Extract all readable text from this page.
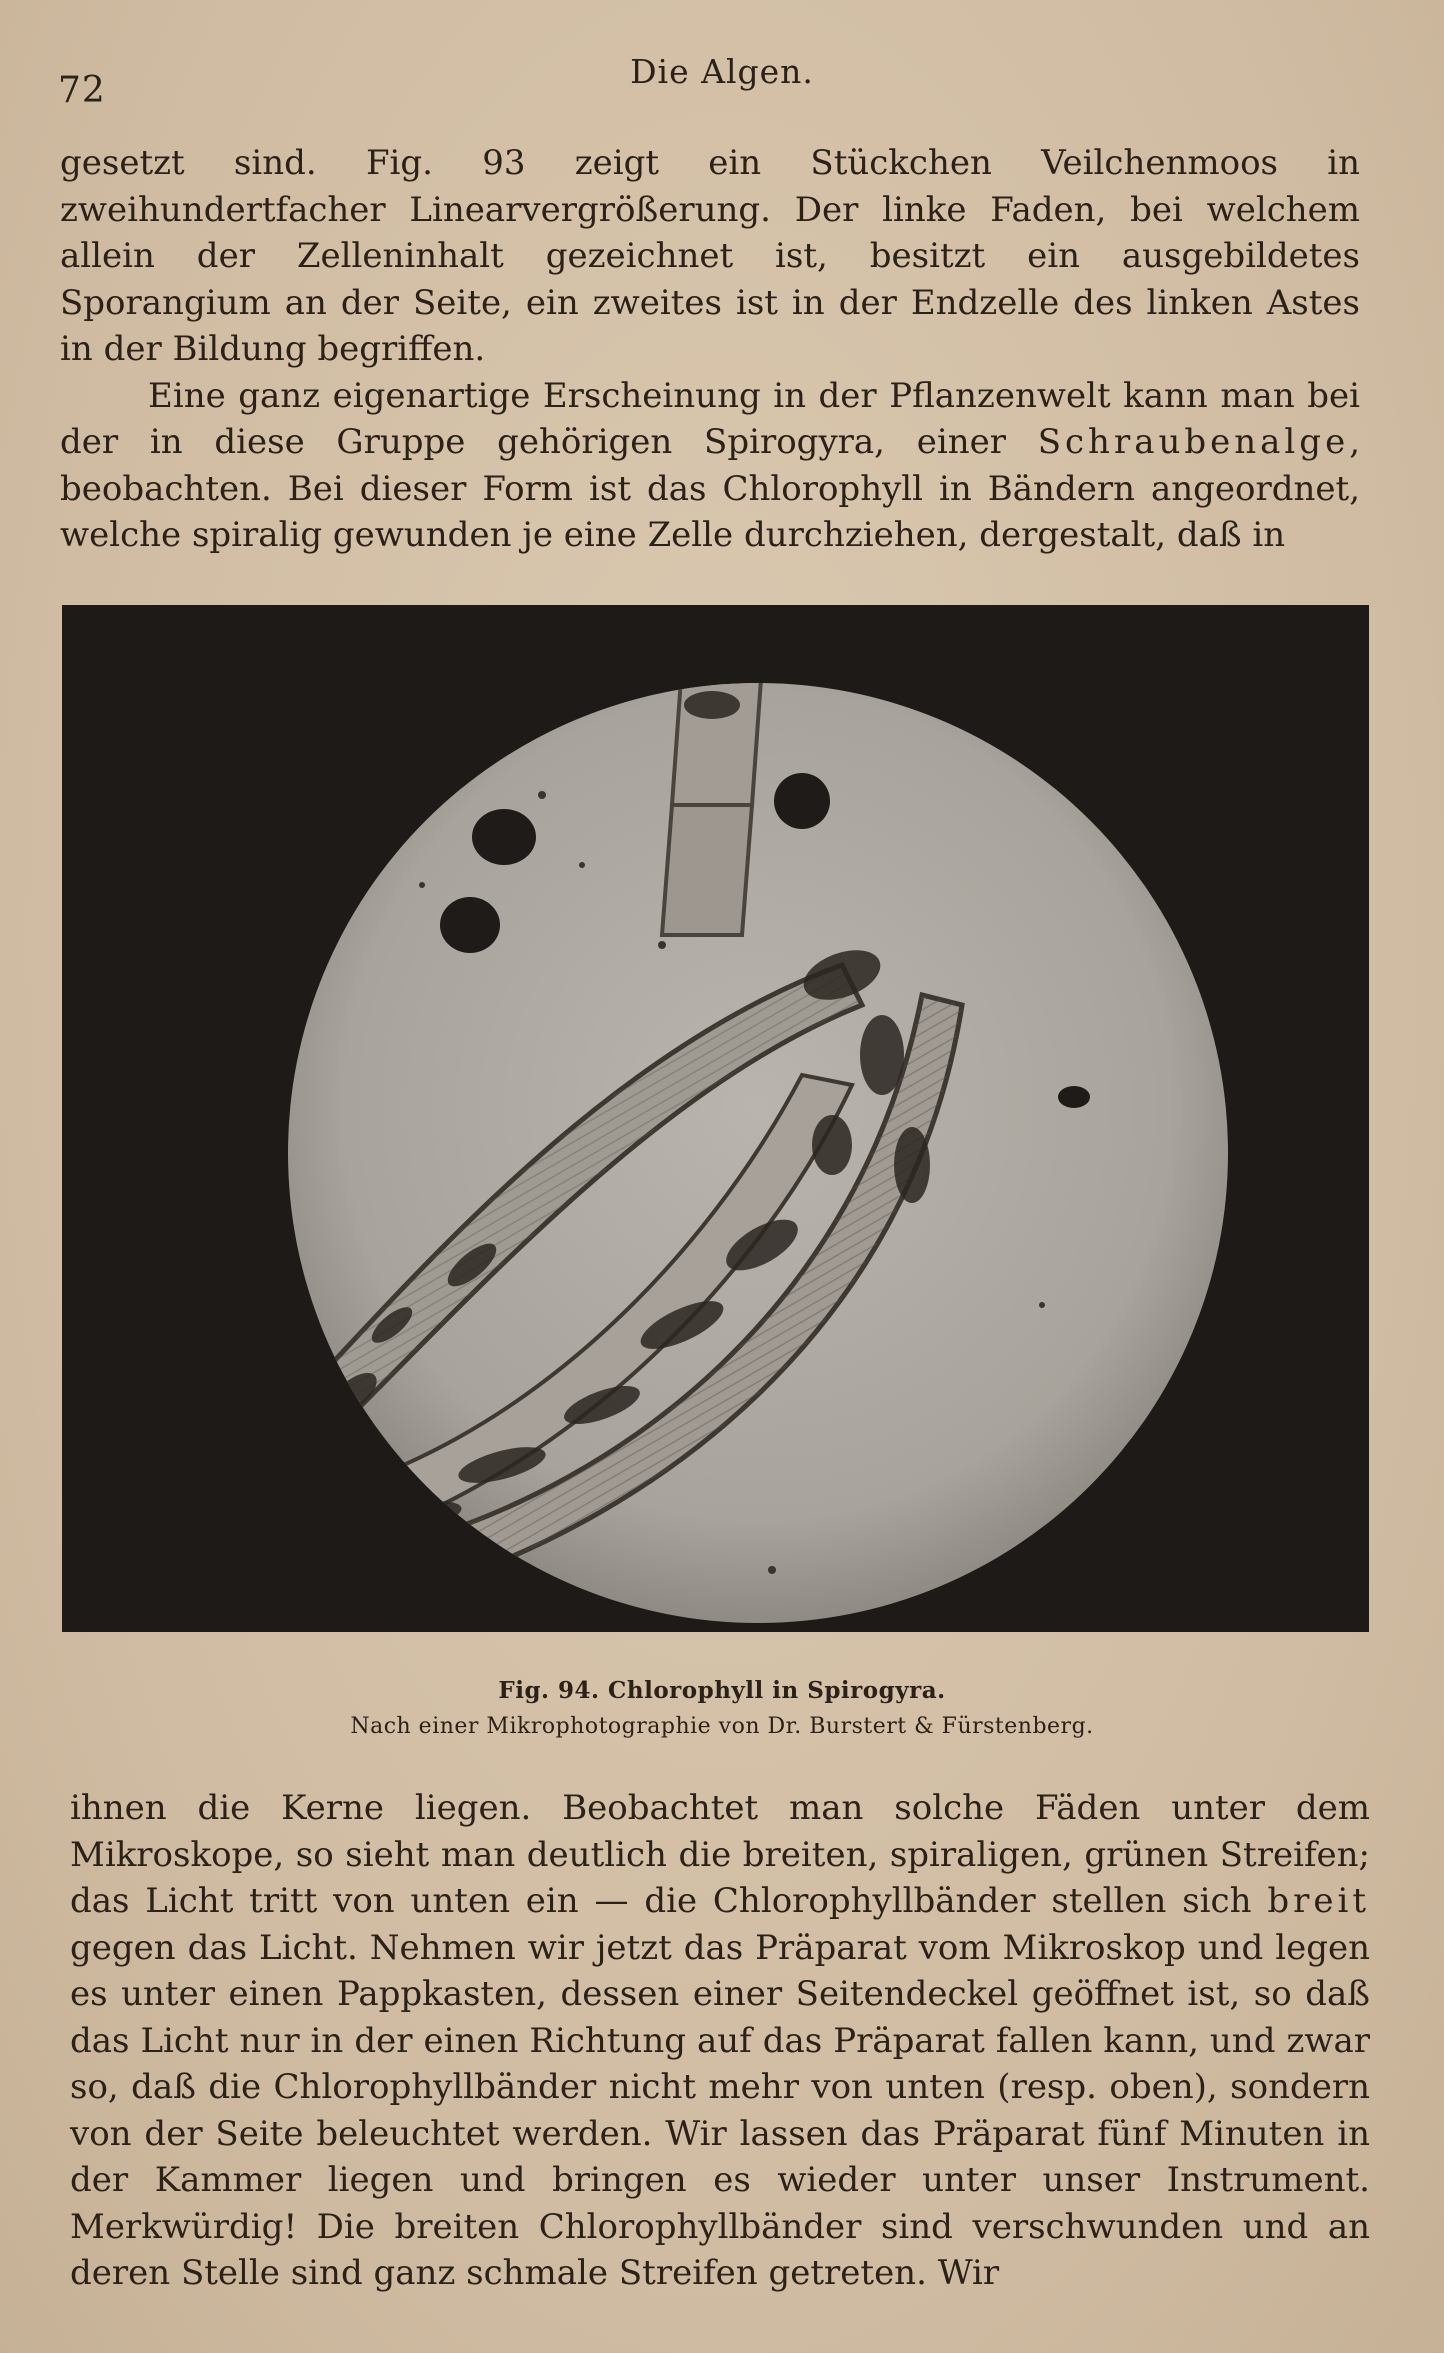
72	Die Algen.

gesetzt sind. Fig. 93 zeigt ein Stückchen Veilchenmoos in zweihundertfacher Linearvergrößerung. Der linke Faden, bei welchem allein der Zelleninhalt gezeichnet ist, besitzt ein ausgebildetes Sporangium an der Seite, ein zweites ist in der Endzelle des linken Astes in der Bildung begriffen.

Eine ganz eigenartige Erscheinung in der Pflanzenwelt kann man bei der in diese Gruppe gehörigen Spirogyra, einer Schraubenalge, beobachten. Bei dieser Form ist das Chlorophyll in Bändern angeordnet, welche spiralig gewunden je eine Zelle durchziehen, dergestalt, daß in

Fig. 94. Chlorophyll in Spirogyra.
Nach einer Mikrophotographie von Dr. Burstert & Fürstenberg.

ihnen die Kerne liegen. Beobachtet man solche Fäden unter dem Mikroskope, so sieht man deutlich die breiten, spiraligen, grünen Streifen; das Licht tritt von unten ein — die Chlorophyllbänder stellen sich breit gegen das Licht. Nehmen wir jetzt das Präparat vom Mikroskop und legen es unter einen Pappkasten, dessen einer Seitendeckel geöffnet ist, so daß das Licht nur in der einen Richtung auf das Präparat fallen kann, und zwar so, daß die Chlorophyllbänder nicht mehr von unten (resp. oben), sondern von der Seite beleuchtet werden. Wir lassen das Präparat fünf Minuten in der Kammer liegen und bringen es wieder unter unser Instrument. Merkwürdig! Die breiten Chlorophyllbänder sind verschwunden und an deren Stelle sind ganz schmale Streifen getreten. Wir
